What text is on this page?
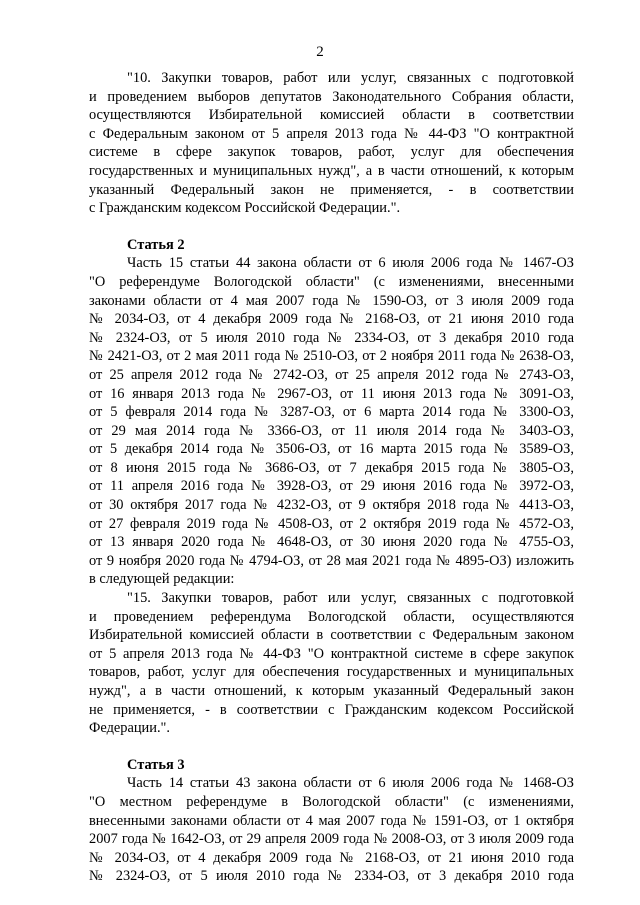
2
"10. Закупки товаров, работ или услуг, связанных с подготовкой
и проведением выборов депутатов Законодательного Собрания области,
осуществляются Избирательной комиссией области в соответствии
с Федеральным законом от 5 апреля 2013 года № 44-ФЗ "О контрактной
системе в сфере закупок товаров, работ, услуг для обеспечения
государственных и муниципальных нужд", а в части отношений, к которым
указанный Федеральный закон не применяется, - в соответствии
с Гражданским кодексом Российской Федерации.".
Статья 2
Часть 15 статьи 44 закона области от 6 июля 2006 года № 1467-ОЗ
"О референдуме Вологодской области" (с изменениями, внесенными
законами области от 4 мая 2007 года № 1590-ОЗ, от 3 июля 2009 года
№ 2034-ОЗ, от 4 декабря 2009 года № 2168-ОЗ, от 21 июня 2010 года
№ 2324-ОЗ, от 5 июля 2010 года № 2334-ОЗ, от 3 декабря 2010 года
№ 2421-ОЗ, от 2 мая 2011 года № 2510-ОЗ, от 2 ноября 2011 года № 2638-ОЗ,
от 25 апреля 2012 года № 2742-ОЗ, от 25 апреля 2012 года № 2743-ОЗ,
от 16 января 2013 года № 2967-ОЗ, от 11 июня 2013 года № 3091-ОЗ,
от 5 февраля 2014 года № 3287-ОЗ, от 6 марта 2014 года № 3300-ОЗ,
от 29 мая 2014 года № 3366-ОЗ, от 11 июля 2014 года № 3403-ОЗ,
от 5 декабря 2014 года № 3506-ОЗ, от 16 марта 2015 года № 3589-ОЗ,
от 8 июня 2015 года № 3686-ОЗ, от 7 декабря 2015 года № 3805-ОЗ,
от 11 апреля 2016 года № 3928-ОЗ, от 29 июня 2016 года № 3972-ОЗ,
от 30 октября 2017 года № 4232-ОЗ, от 9 октября 2018 года № 4413-ОЗ,
от 27 февраля 2019 года № 4508-ОЗ, от 2 октября 2019 года № 4572-ОЗ,
от 13 января 2020 года № 4648-ОЗ, от 30 июня 2020 года № 4755-ОЗ,
от 9 ноября 2020 года № 4794-ОЗ, от 28 мая 2021 года № 4895-ОЗ) изложить
в следующей редакции:
"15. Закупки товаров, работ или услуг, связанных с подготовкой
и проведением референдума Вологодской области, осуществляются
Избирательной комиссией области в соответствии с Федеральным законом
от 5 апреля 2013 года № 44-ФЗ "О контрактной системе в сфере закупок
товаров, работ, услуг для обеспечения государственных и муниципальных
нужд", а в части отношений, к которым указанный Федеральный закон
не применяется, - в соответствии с Гражданским кодексом Российской
Федерации.".
Статья 3
Часть 14 статьи 43 закона области от 6 июля 2006 года № 1468-ОЗ
"О местном референдуме в Вологодской области" (с изменениями,
внесенными законами области от 4 мая 2007 года № 1591-ОЗ, от 1 октября
2007 года № 1642-ОЗ, от 29 апреля 2009 года № 2008-ОЗ, от 3 июля 2009 года
№ 2034-ОЗ, от 4 декабря 2009 года № 2168-ОЗ, от 21 июня 2010 года
№ 2324-ОЗ, от 5 июля 2010 года № 2334-ОЗ, от 3 декабря 2010 года
